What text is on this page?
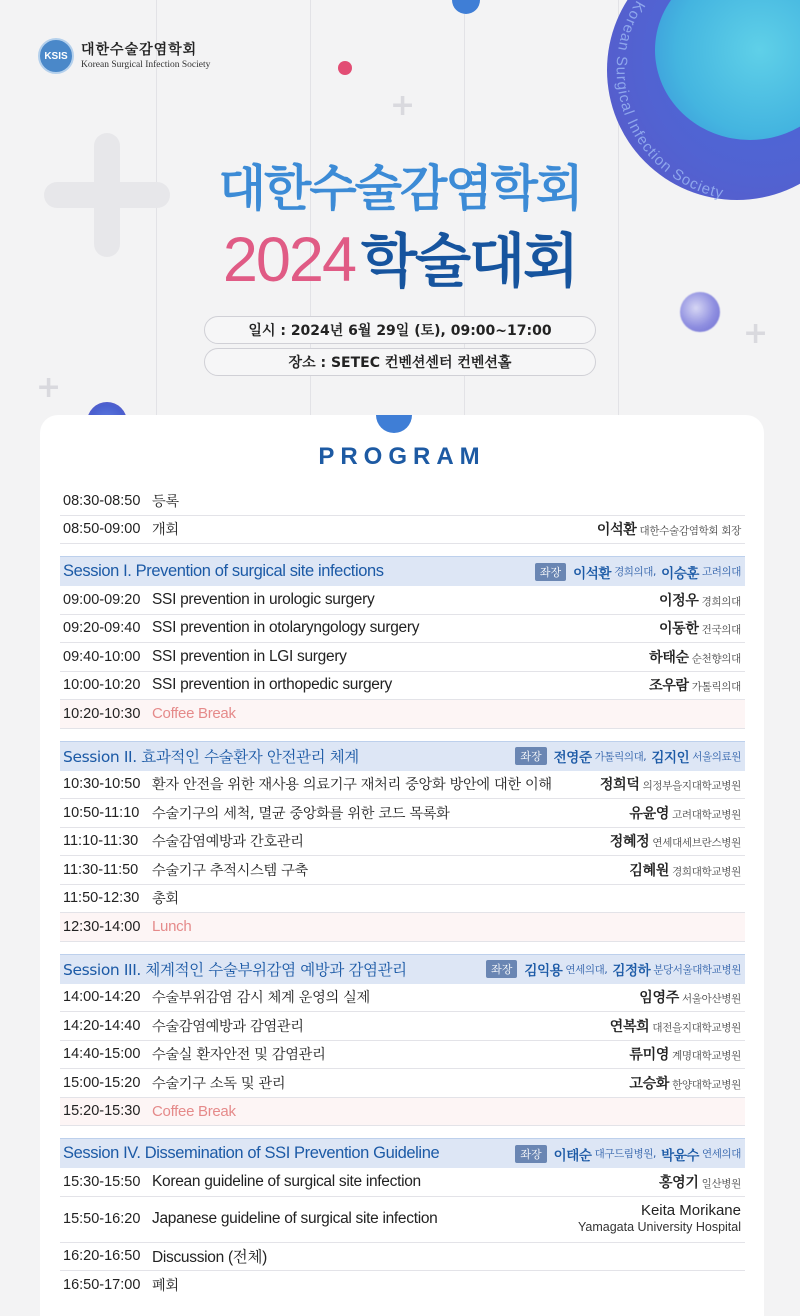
+
+
+
Korean Surgical Infection Society
KSIS 대한수술감염학회
Korean Surgical Infection Society
대한수술감염학회
2024 학술대회
일시 : 2024년 6월 29일 (토), 09:00~17:00
장소 : SETEC 컨벤션센터 컨벤션홀
PROGRAM
08:30-08:50 등록
08:50-09:00 개회	이석환 대한수술감염학회 회장
Session I. Prevention of surgical site infections	좌장 이석환 경희의대,
이승훈 고려의대
09:00-09:20 SSI prevention in urologic surgery	이정우 경희의대
09:20-09:40 SSI prevention in otolaryngology surgery	이동한 건국의대
09:40-10:00 SSI prevention in LGI surgery	하태순 순천향의대
10:00-10:20 SSI prevention in orthopedic surgery	조우람 가톨릭의대
10:20-10:30 Coffee Break
Session II. 효과적인 수술환자 안전관리 체계	좌장 전영준 가톨릭의대,
김지인 서울의료원
10:30-10:50 환자 안전을 위한 재사용 의료기구 재처리 중앙화 방안에 대한 이해	정희덕 의정부을지대학교병원
10:50-11:10 수술기구의 세척, 멸균 중앙화를 위한 코드 목록화	유윤영 고려대학교병원
11:10-11:30 수술감염예방과 간호관리	정혜정 연세대세브란스병원
11:30-11:50 수술기구 추적시스템 구축	김혜원 경희대학교병원
11:50-12:30 총회
12:30-14:00 Lunch
Session III. 체계적인 수술부위감염 예방과 감염관리	좌장 김익용 연세의대,
김정하 분당서울대학교병원
14:00-14:20 수술부위감염 감시 체계 운영의 실제	임영주 서울아산병원
14:20-14:40 수술감염예방과 감염관리	연복희 대전을지대학교병원
14:40-15:00 수술실 환자안전 및 감염관리	류미영 계명대학교병원
15:00-15:20 수술기구 소독 및 관리	고승화 한양대학교병원
15:20-15:30 Coffee Break
Session IV. Dissemination of SSI Prevention Guideline	좌장 이태순 대구드림병원,
박윤수 연세의대
15:30-15:50 Korean guideline of surgical site infection	홍영기 일산병원
15:50-16:20 Japanese guideline of surgical site infection	Keita Morikane
Yamagata University Hospital
16:20-16:50 Discussion (전체)
16:50-17:00 폐회
